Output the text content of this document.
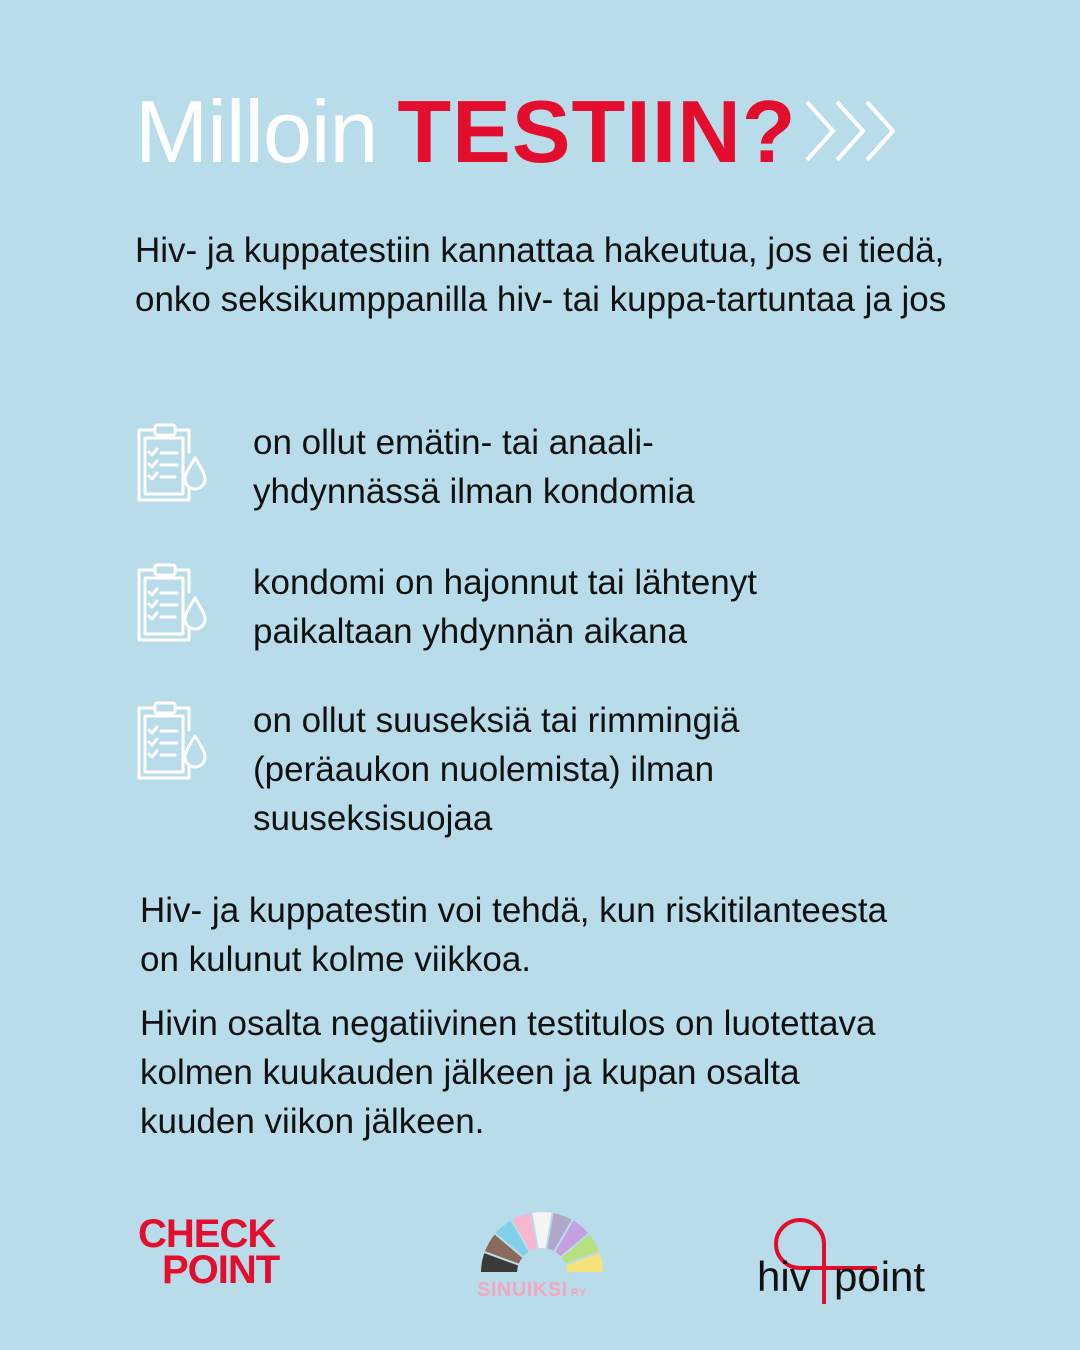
Milloin TESTIIN?

Hiv- ja kuppatestiin kannattaa hakeutua, jos ei tiedä, onko seksikumppanilla hiv- tai kuppa-tartuntaa ja jos

on ollut emätin- tai anaali-
yhdynnässä ilman kondomia

kondomi on hajonnut tai lähtenyt
paikaltaan yhdynnän aikana

on ollut suuseksiä tai rimmingiä
(peräaukon nuolemista) ilman
suuseksisuojaa

Hiv- ja kuppatestin voi tehdä, kun riskitilanteesta
on kulunut kolme viikkoa.

Hivin osalta negatiivinen testitulos on luotettava
kolmen kuukauden jälkeen ja kupan osalta
kuuden viikon jälkeen.

CHECK
POINT	SINUIKSI RY	hiv point
